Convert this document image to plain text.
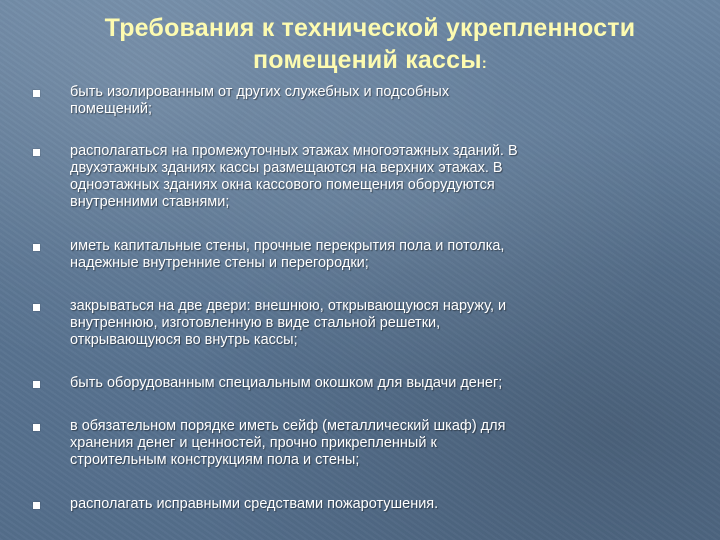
Требования к технической укрепленности
помещений кассы:
быть изолированным от других служебных и подсобных
помещений;
располагаться на промежуточных этажах многоэтажных зданий. В
двухэтажных зданиях кассы размещаются на верхних этажах. В
одноэтажных зданиях окна кассового помещения оборудуются
внутренними ставнями;
иметь капитальные стены, прочные перекрытия пола и потолка,
надежные внутренние стены и перегородки;
закрываться на две двери: внешнюю, открывающуюся наружу, и
внутреннюю, изготовленную в виде стальной решетки,
открывающуюся во внутрь кассы;
быть оборудованным специальным окошком для выдачи денег;
в обязательном порядке иметь сейф (металлический шкаф) для
хранения денег и ценностей, прочно прикрепленный к
строительным конструкциям пола и стены;
располагать исправными средствами пожаротушения.
